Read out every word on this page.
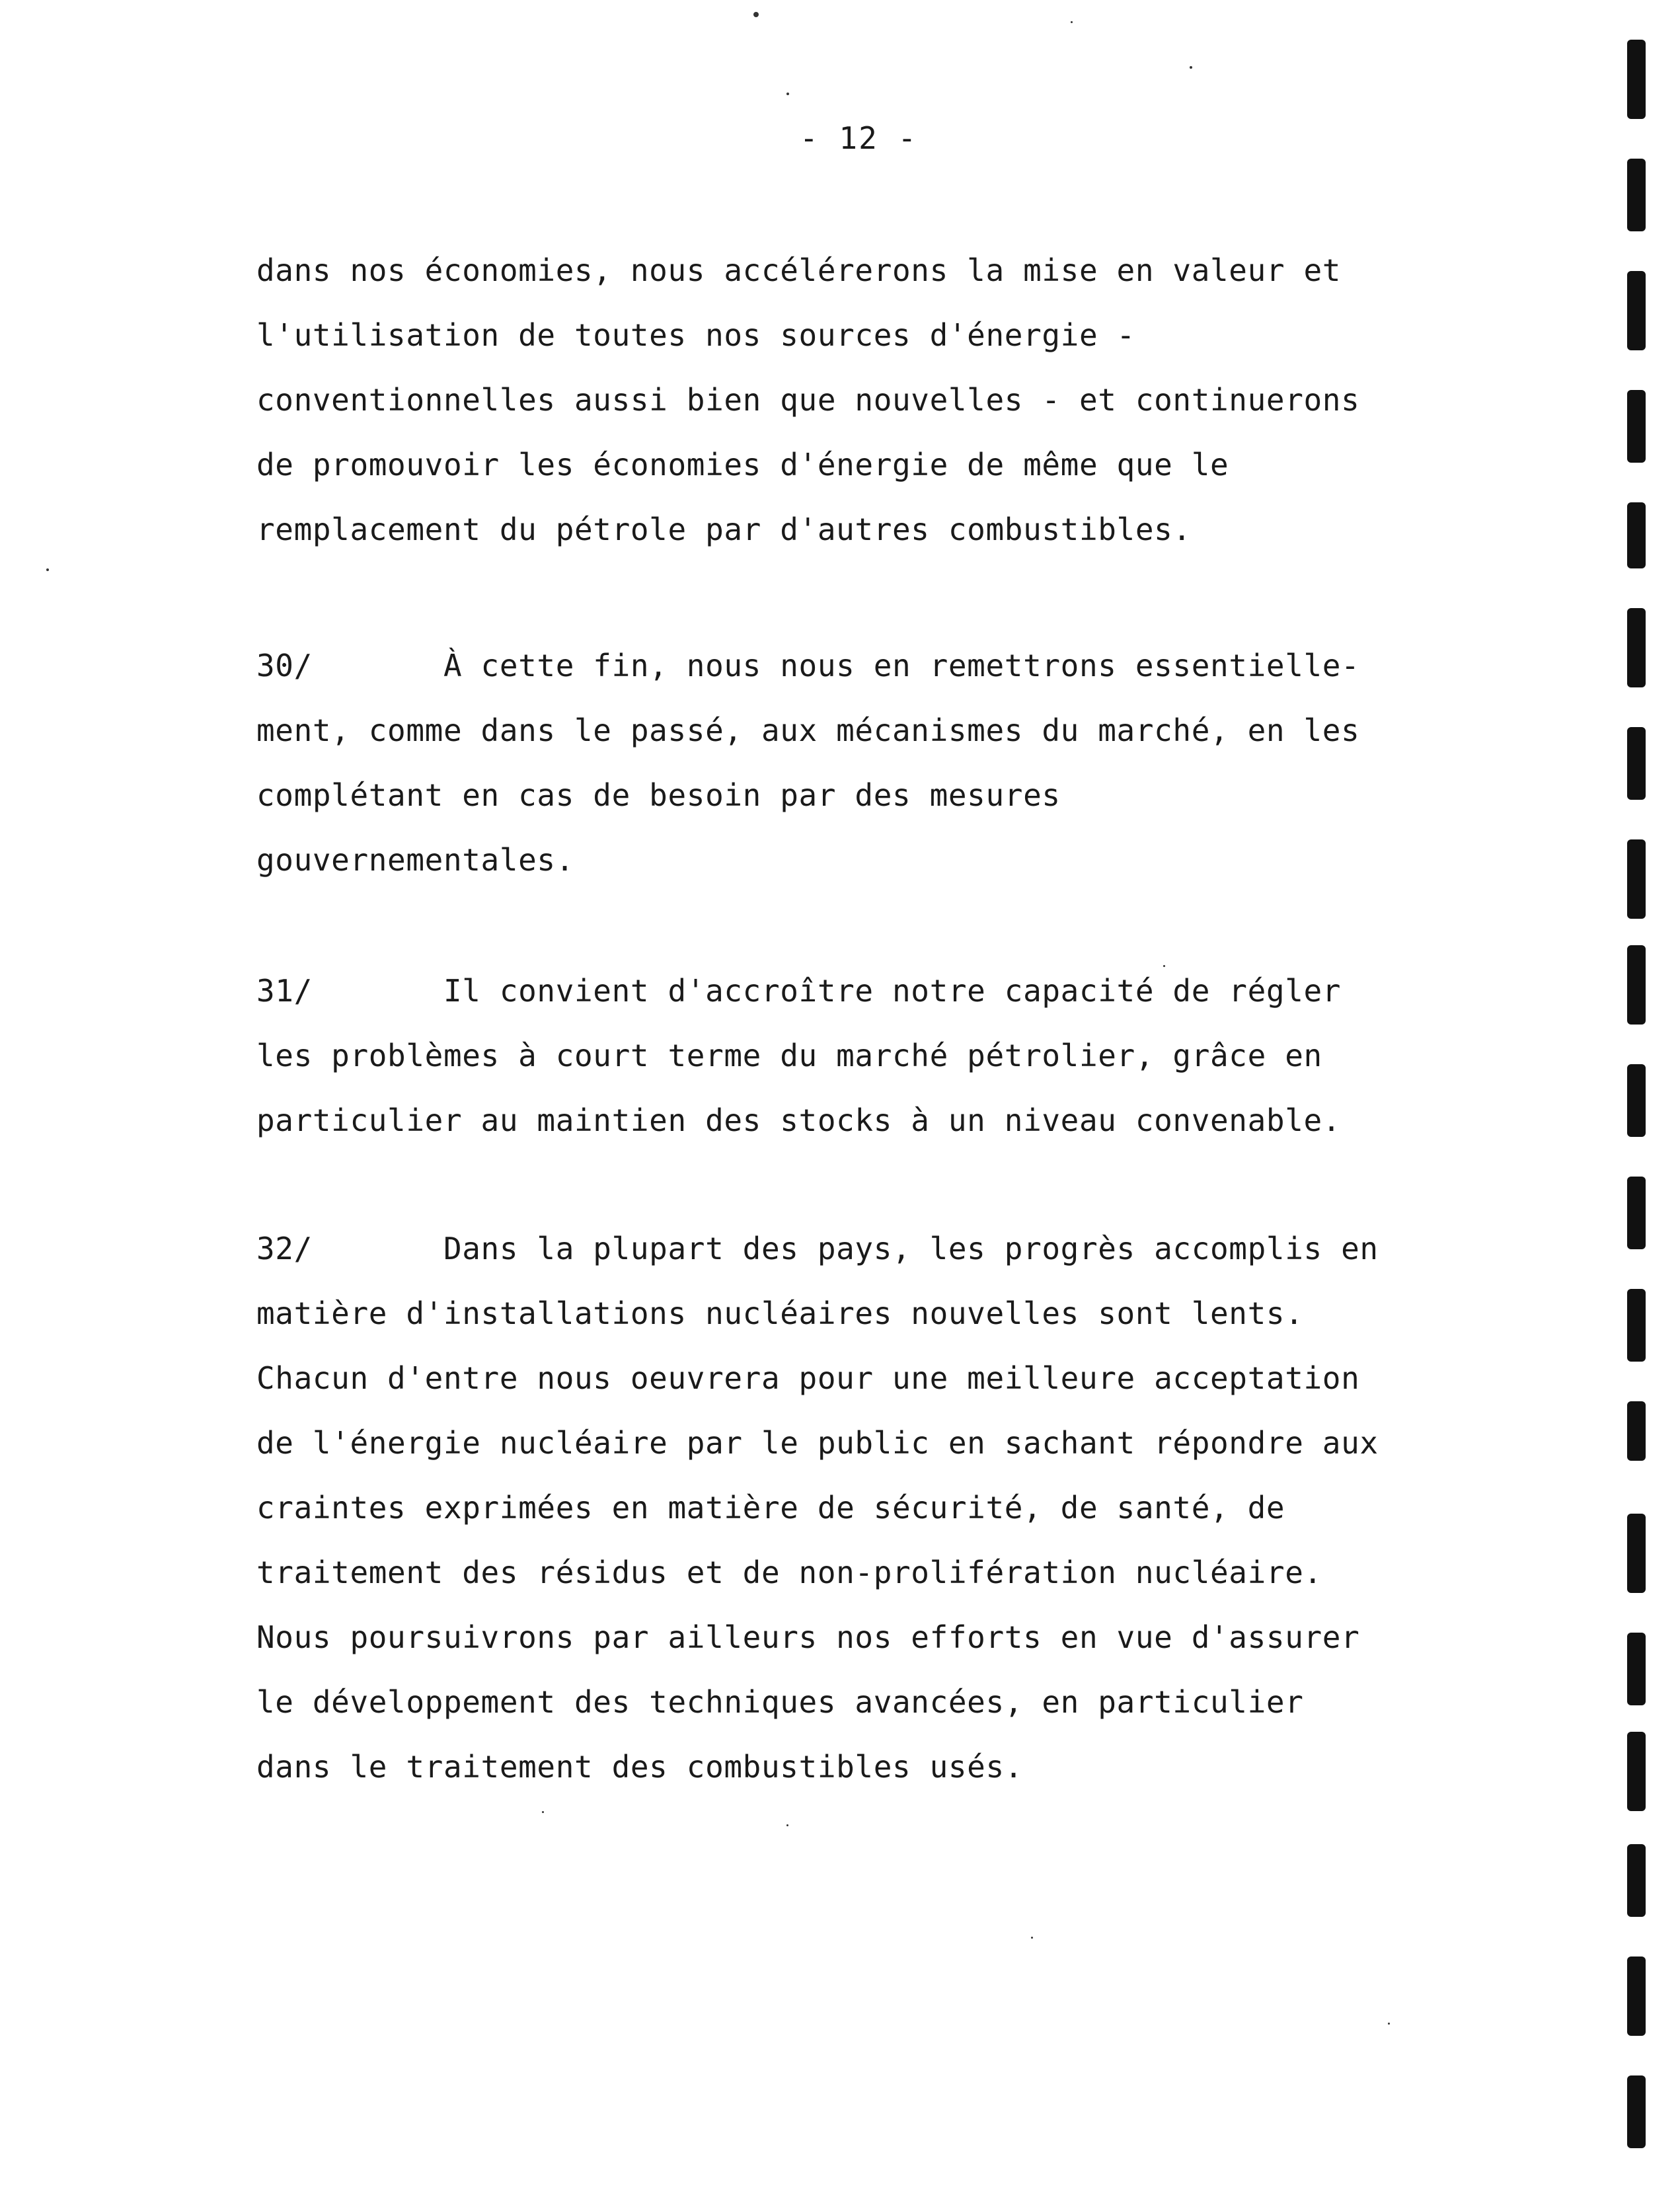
- 12 -
dans nos économies, nous accélérerons la mise en valeur et
l'utilisation de toutes nos sources d'énergie -
conventionnelles aussi bien que nouvelles - et continuerons
de promouvoir les économies d'énergie de même que le
remplacement du pétrole par d'autres combustibles.
30/       À cette fin, nous nous en remettrons essentielle-
ment, comme dans le passé, aux mécanismes du marché, en les
complétant en cas de besoin par des mesures
gouvernementales.
31/       Il convient d'accroître notre capacité de régler
les problèmes à court terme du marché pétrolier, grâce en
particulier au maintien des stocks à un niveau convenable.
32/       Dans la plupart des pays, les progrès accomplis en
matière d'installations nucléaires nouvelles sont lents.
Chacun d'entre nous oeuvrera pour une meilleure acceptation
de l'énergie nucléaire par le public en sachant répondre aux
craintes exprimées en matière de sécurité, de santé, de
traitement des résidus et de non-prolifération nucléaire.
Nous poursuivrons par ailleurs nos efforts en vue d'assurer
le développement des techniques avancées, en particulier
dans le traitement des combustibles usés.
